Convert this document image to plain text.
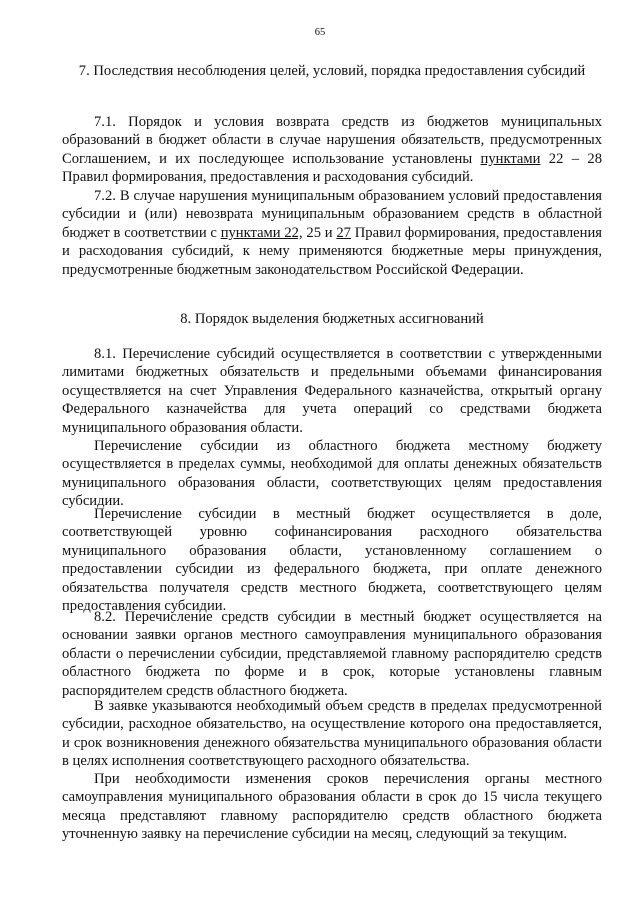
65
7. Последствия несоблюдения целей, условий, порядка предоставления субсидий
7.1. Порядок и условия возврата средств из бюджетов муниципальных образований в бюджет области в случае нарушения обязательств, предусмотренных Соглашением, и их последующее использование установлены пунктами 22 – 28 Правил формирования, предоставления и расходования субсидий.
7.2. В случае нарушения муниципальным образованием условий предоставления субсидии и (или) невозврата муниципальным образованием средств в областной бюджет в соответствии с пунктами 22, 25 и 27 Правил формирования, предоставления и расходования субсидий, к нему применяются бюджетные меры принуждения, предусмотренные бюджетным законодательством Российской Федерации.
8. Порядок выделения бюджетных ассигнований
8.1. Перечисление субсидий осуществляется в соответствии с утвержденными лимитами бюджетных обязательств и предельными объемами финансирования осуществляется на счет Управления Федерального казначейства, открытый органу Федерального казначейства для учета операций со средствами бюджета муниципального образования области.
Перечисление субсидии из областного бюджета местному бюджету осуществляется в пределах суммы, необходимой для оплаты денежных обязательств муниципального образования области, соответствующих целям предоставления субсидии.
Перечисление субсидии в местный бюджет осуществляется в доле, соответствующей уровню софинансирования расходного обязательства муниципального образования области, установленному соглашением о предоставлении субсидии из федерального бюджета, при оплате денежного обязательства получателя средств местного бюджета, соответствующего целям предоставления субсидии.
8.2. Перечисление средств субсидии в местный бюджет осуществляется на основании заявки органов местного самоуправления муниципального образования области о перечислении субсидии, представляемой главному распорядителю средств областного бюджета по форме и в срок, которые установлены главным распорядителем средств областного бюджета.
В заявке указываются необходимый объем средств в пределах предусмотренной субсидии, расходное обязательство, на осуществление которого она предоставляется, и срок возникновения денежного обязательства муниципального образования области в целях исполнения соответствующего расходного обязательства.
При необходимости изменения сроков перечисления органы местного самоуправления муниципального образования области в срок до 15 числа текущего месяца представляют главному распорядителю средств областного бюджета уточненную заявку на перечисление субсидии на месяц, следующий за текущим.
